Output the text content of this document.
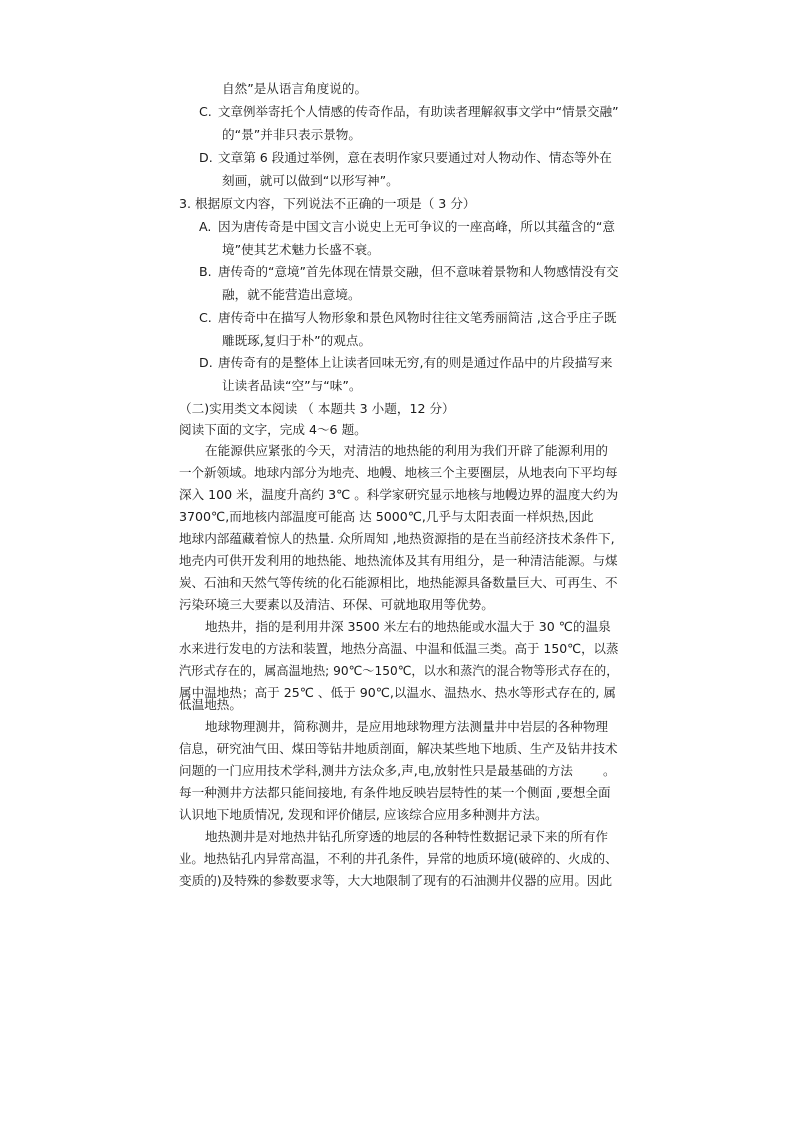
自然”是从语言角度说的。
C. 文章例举寄托个人情感的传奇作品，有助读者理解叙事文学中“情景交融”
的“景”并非只表示景物。
D. 文章第 6 段通过举例，意在表明作家只要通过对人物动作、情态等外在
刻画，就可以做到“以形写神”。
3. 根据原文内容，下列说法不正确的一项是（ 3 分）
A. 因为唐传奇是中国文言小说史上无可争议的一座高峰，所以其蕴含的“意
境”使其艺术魅力长盛不衰。
B. 唐传奇的“意境”首先体现在情景交融，但不意味着景物和人物感情没有交
融，就不能营造出意境。
C. 唐传奇中在描写人物形象和景色风物时往往文笔秀丽简洁 ,这合乎庄子既
雕既琢,复归于朴”的观点。
D. 唐传奇有的是整体上让读者回味无穷,有的则是通过作品中的片段描写来
让读者品读“空”与“味”。
（二)实用类文本阅读 （ 本题共 3 小题，12 分）
阅读下面的文字，完成 4～6 题。
在能源供应紧张的今天，对清洁的地热能的利用为我们开辟了能源利用的
一个新领域。地球内部分为地壳、地幔、地核三个主要圈层，从地表向下平均每
深入 100 米，温度升高约 3℃ 。科学家研究显示地核与地幔边界的温度大约为
3700℃,而地核内部温度可能高 达 5000℃,几乎与太阳表面一样炽热,因此
地球内部蕴藏着惊人的热量. 众所周知 ,地热资源指的是在当前经济技术条件下,
地壳内可供开发利用的地热能、地热流体及其有用组分，是一种清洁能源。与煤
炭、石油和天然气等传统的化石能源相比，地热能源具备数量巨大、可再生、不
污染环境三大要素以及清洁、环保、可就地取用等优势。
地热井，指的是利用井深 3500 米左右的地热能或水温大于 30 ℃的温泉
水来进行发电的方法和装置，地热分高温、中温和低温三类。高于 150℃，以蒸
汽形式存在的，属高温地热; 90℃～150℃，以水和蒸汽的混合物等形式存在的，
属中温地热；高于 25℃ 、低于 90℃,以温水、温热水、热水等形式存在的, 属
低温地热。
地球物理测井，简称测井，是应用地球物理方法测量井中岩层的各种物理
信息，研究油气田、煤田等钻井地质剖面，解决某些地下地质、生产及钻井技术
问题的一门应用技术学科,测井方法众多,声,电,放射性只是最基础的方法 。
每一种测井方法都只能间接地, 有条件地反映岩层特性的某一个侧面 ,要想全面
认识地下地质情况, 发现和评价储层, 应该综合应用多种测井方法。
地热测井是对地热井钻孔所穿透的地层的各种特性数据记录下来的所有作
业。地热钻孔内异常高温，不利的井孔条件，异常的地质环境(破碎的、火成的、
变质的)及特殊的参数要求等，大大地限制了现有的石油测井仪器的应用。因此
